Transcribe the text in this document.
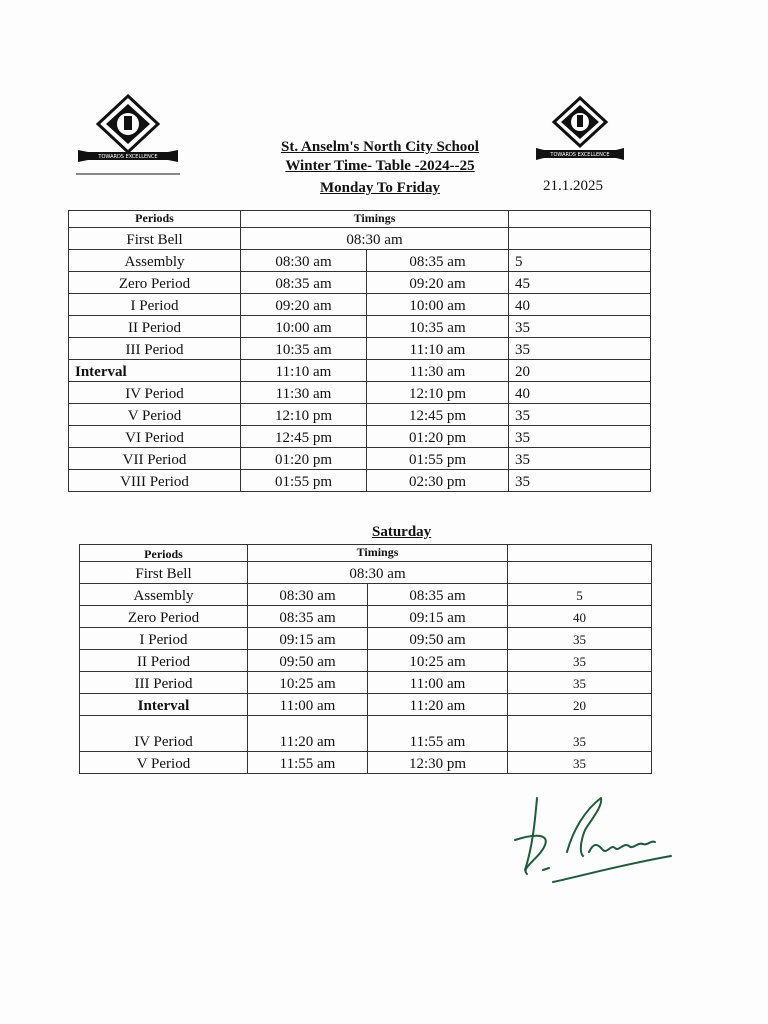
TOWARDS EXCELLENCE	TOWARDS EXCELLENCE
St. Anselm's North City School
Winter Time- Table -2024--25
Monday To Friday	21.1.2025
Periods	Timings		
First Bell	08:30 am		
Assembly	08:30 am	08:35 am	5
Zero Period	08:35 am	09:20 am	45
I Period	09:20 am	10:00 am	40
II Period	10:00 am	10:35 am	35
III Period	10:35 am	11:10 am	35
Interval	11:10 am	11:30 am	20
IV Period	11:30 am	12:10 pm	40
V Period	12:10 pm	12:45 pm	35
VI Period	12:45 pm	01:20 pm	35
VII Period	01:20 pm	01:55 pm	35
VIII Period	01:55 pm	02:30 pm	35
Saturday
Periods	Timings		
First Bell	08:30 am		
Assembly	08:30 am	08:35 am	5
Zero Period	08:35 am	09:15 am	40
I Period	09:15 am	09:50 am	35
II Period	09:50 am	10:25 am	35
III Period	10:25 am	11:00 am	35
Interval	11:00 am	11:20 am	20
IV Period	11:20 am	11:55 am	35
V Period	11:55 am	12:30 pm	35
